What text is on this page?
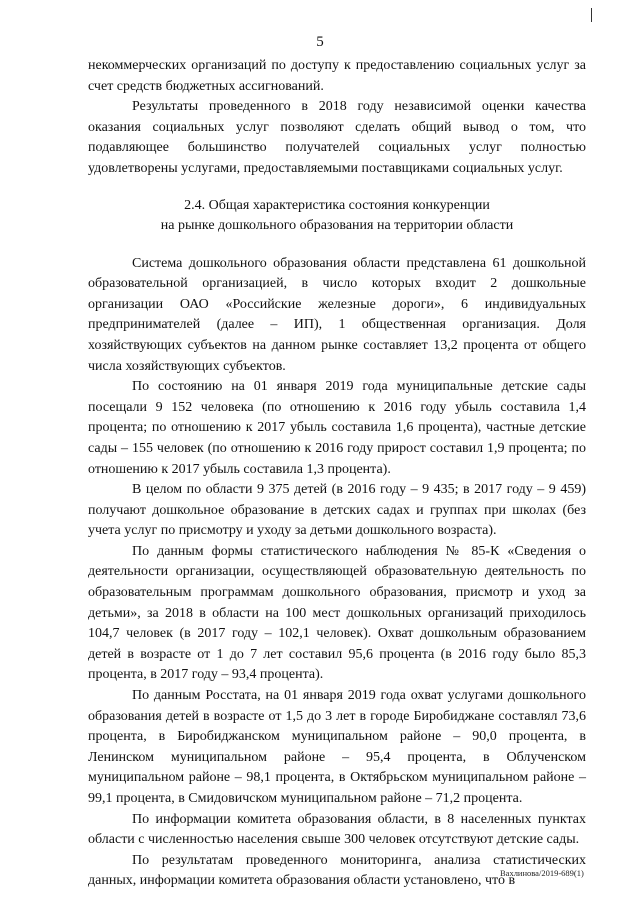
5

некоммерческих организаций по доступу к предоставлению социальных услуг за счет средств бюджетных ассигнований.

Результаты проведенного в 2018 году независимой оценки качества оказания социальных услуг позволяют сделать общий вывод о том, что подавляющее большинство получателей социальных услуг полностью удовлетворены услугами, предоставляемыми поставщиками социальных услуг.

2.4. Общая характеристика состояния конкуренции
на рынке дошкольного образования на территории области

Система дошкольного образования области представлена 61 дошкольной образовательной организацией, в число которых входит 2 дошкольные организации ОАО «Российские железные дороги», 6 индивидуальных предпринимателей (далее – ИП), 1 общественная организация. Доля хозяйствующих субъектов на данном рынке составляет 13,2 процента от общего числа хозяйствующих субъектов.

По состоянию на 01 января 2019 года муниципальные детские сады посещали 9 152 человека (по отношению к 2016 году убыль составила 1,4 процента; по отношению к 2017 убыль составила 1,6 процента), частные детские сады – 155 человек (по отношению к 2016 году прирост составил 1,9 процента; по отношению к 2017 убыль составила 1,3 процента).

В целом по области 9 375 детей (в 2016 году – 9 435; в 2017 году – 9 459) получают дошкольное образование в детских садах и группах при школах (без учета услуг по присмотру и уходу за детьми дошкольного возраста).

По данным формы статистического наблюдения № 85-К «Сведения о деятельности организации, осуществляющей образовательную деятельность по образовательным программам дошкольного образования, присмотр и уход за детьми», за 2018 в области на 100 мест дошкольных организаций приходилось 104,7 человек (в 2017 году – 102,1 человек). Охват дошкольным образованием детей в возрасте от 1 до 7 лет составил 95,6 процента (в 2016 году было 85,3 процента, в 2017 году – 93,4 процента).

По данным Росстата, на 01 января 2019 года охват услугами дошкольного образования детей в возрасте от 1,5 до 3 лет в городе Биробиджане составлял 73,6 процента, в Биробиджанском муниципальном районе – 90,0 процента, в Ленинском муниципальном районе – 95,4 процента, в Облученском муниципальном районе – 98,1 процента, в Октябрьском муниципальном районе – 99,1 процента, в Смидовичском муниципальном районе – 71,2 процента.

По информации комитета образования области, в 8 населенных пунктах области с численностью населения свыше 300 человек отсутствуют детские сады.

По результатам проведенного мониторинга, анализа статистических данных, информации комитета образования области установлено, что в

Вахлинова/2019-689(1)
